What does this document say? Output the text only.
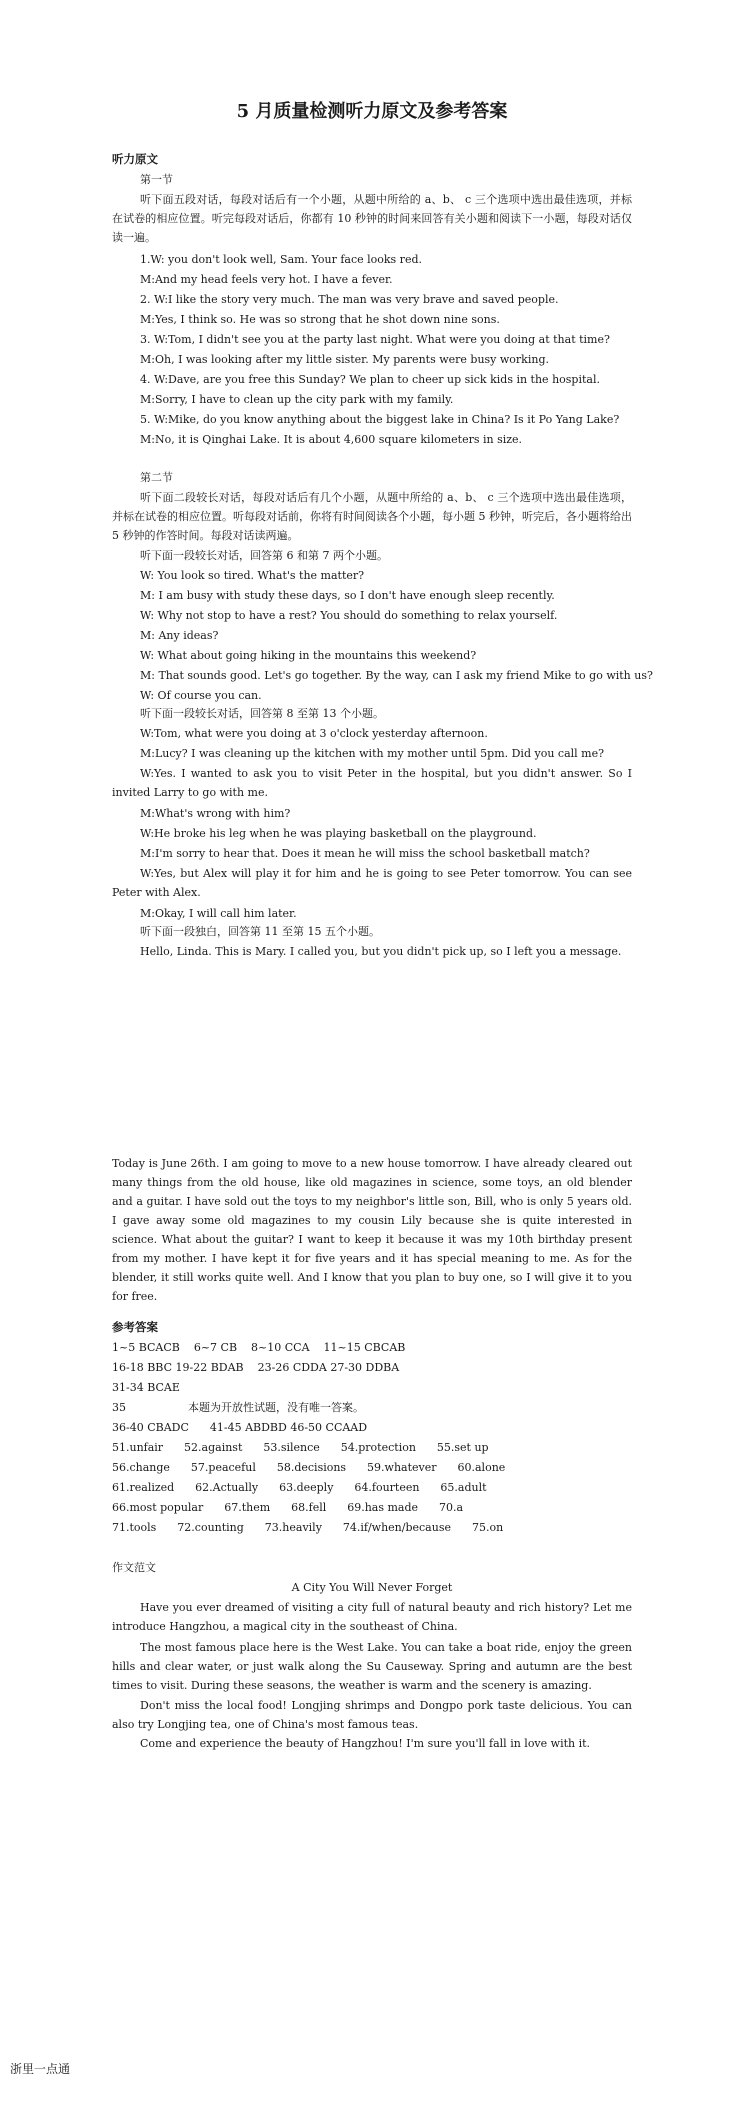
5 月质量检测听力原文及参考答案
听力原文
第一节
听下面五段对话，每段对话后有一个小题，从题中所给的 a、b、 c 三个选项中选出最佳选项，并标在试卷的相应位置。听完每段对话后，你都有 10 秒钟的时间来回答有关小题和阅读下一小题，每段对话仅读一遍。
1.W: you don't look well, Sam. Your face looks red.
M:And my head feels very hot. I have a fever.
2. W:I like the story very much. The man was very brave and saved people.
M:Yes, I think so. He was so strong that he shot down nine sons.
3. W:Tom, I didn't see you at the party last night. What were you doing at that time?
M:Oh, I was looking after my little sister. My parents were busy working.
4. W:Dave, are you free this Sunday? We plan to cheer up sick kids in the hospital.
M:Sorry, I have to clean up the city park with my family.
5. W:Mike, do you know anything about the biggest lake in China? Is it Po Yang Lake?
M:No, it is Qinghai Lake. It is about 4,600 square kilometers in size.
第二节
听下面二段较长对话，每段对话后有几个小题，从题中所给的 a、b、 c 三个选项中选出最佳选项，并标在试卷的相应位置。听每段对话前，你将有时间阅读各个小题，每小题 5 秒钟，听完后，各小题将给出 5 秒钟的作答时间。每段对话读两遍。
听下面一段较长对话，回答第 6 和第 7 两个小题。
W: You look so tired. What's the matter?
M: I am busy with study these days, so I don't have enough sleep recently.
W: Why not stop to have a rest? You should do something to relax yourself.
M: Any ideas?
W: What about going hiking in the mountains this weekend?
M: That sounds good. Let's go together. By the way, can I ask my friend Mike to go with us?
W: Of course you can.
听下面一段较长对话，回答第 8 至第 13 个小题。
W:Tom, what were you doing at 3 o'clock yesterday afternoon.
M:Lucy? I was cleaning up the kitchen with my mother until 5pm. Did you call me?
W:Yes. I wanted to ask you to visit Peter in the hospital, but you didn't answer. So I invited Larry to go with me.
M:What's wrong with him?
W:He broke his leg when he was playing basketball on the playground.
M:I'm sorry to hear that. Does it mean he will miss the school basketball match?
W:Yes, but Alex will play it for him and he is going to see Peter tomorrow. You can see Peter with Alex.
M:Okay, I will call him later.
听下面一段独白，回答第 11 至第 15 五个小题。
Hello, Linda. This is Mary. I called you, but you didn't pick up, so I left you a message.
Today is June 26th. I am going to move to a new house tomorrow. I have already cleared out many things from the old house, like old magazines in science, some toys, an old blender and a guitar. I have sold out the toys to my neighbor's little son, Bill, who is only 5 years old. I gave away some old magazines to my cousin Lily because she is quite interested in science. What about the guitar? I want to keep it because it was my 10th birthday present from my mother. I have kept it for five years and it has special meaning to me. As for the blender, it still works quite well. And I know that you plan to buy one, so I will give it to you for free.
参考答案
1~5 BCACB    6~7 CB    8~10 CCA    11~15 CBCAB
16-18 BBC 19-22 BDAB    23-26 CDDA 27-30 DDBA
31-34 BCAE
35	本题为开放性试题，没有唯一答案。
36-40 CBADC      41-45 ABDBD 46-50 CCAAD
51.unfair      52.against      53.silence      54.protection      55.set up
56.change      57.peaceful      58.decisions      59.whatever      60.alone
61.realized      62.Actually      63.deeply      64.fourteen      65.adult
66.most popular      67.them      68.fell      69.has made      70.a
71.tools      72.counting      73.heavily      74.if/when/because      75.on
作文范文
A City You Will Never Forget
Have you ever dreamed of visiting a city full of natural beauty and rich history? Let me introduce Hangzhou, a magical city in the southeast of China.
The most famous place here is the West Lake. You can take a boat ride, enjoy the green hills and clear water, or just walk along the Su Causeway. Spring and autumn are the best times to visit. During these seasons, the weather is warm and the scenery is amazing.
Don't miss the local food! Longjing shrimps and Dongpo pork taste delicious. You can also try Longjing tea, one of China's most famous teas.
Come and experience the beauty of Hangzhou! I'm sure you'll fall in love with it.
浙里一点通
